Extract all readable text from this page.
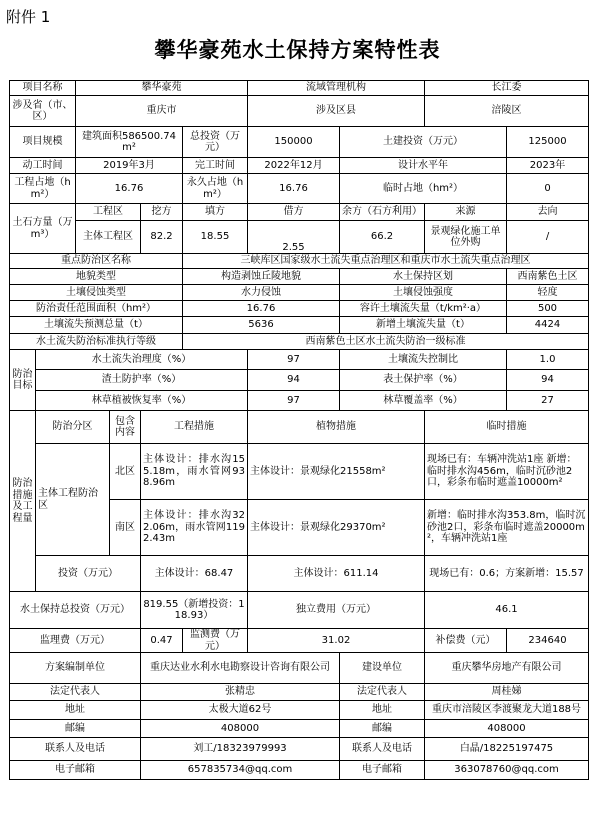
附件 1
攀华豪苑水土保持方案特性表
项目名称		攀华豪苑				流域管理机构		长江委	
涉及省（市、区）		重庆市				涉及区县		涪陵区	
项目规模		建筑面积586500.74m²			总投资（万元）	150000	土建投资（万元）		125000
动工时间		2019年3月			完工时间	2022年12月	设计水平年		2023年
工程占地（hm²）		16.76			永久占地（hm²）	16.76	临时占地（hm²）		0
土石方量（万m³）		工程区		挖方	填方	借方	余方（石方利用）	来源	去向
		主体工程区		82.2	18.55	2.55	66.2	景观绿化施工单位外购	/
重点防治区名称					三峡库区国家级水土流失重点治理区和重庆市水土流失重点治理区				
地貌类型					构造剥蚀丘陵地貌		水土保持区划		西南紫色土区
土壤侵蚀类型					水力侵蚀		土壤侵蚀强度		轻度
防治责任范围面积（hm²）					16.76		容许土壤流失量（t/km²·a）		500
土壤流失预测总量（t）					5636		新增土壤流失量（t）		4424
水土流失防治标准执行等级					西南紫色土区水土流失防治一级标准				
防治目标	水土流失治理度（%）					97	土壤流失控制比		1.0
	渣土防护率（%）					94	表土保护率（%）		94
	林草植被恢复率（%）					97	林草覆盖率（%）		27
防治措施及工程量	防治分区		包含内容	工程措施		植物措施		临时措施	
	主体工程防治区		北区	主体设计：排水沟155.18m，雨水管网938.96m		主体设计：景观绿化21558m²		现场已有：车辆冲洗站1座 新增：临时排水沟456m，临时沉砂池2口，彩条布临时遮盖10000m²	
			南区	主体设计：排水沟322.06m，雨水管网1192.43m		主体设计：景观绿化29370m²		新增：临时排水沟353.8m，临时沉砂池2口，彩条布临时遮盖20000m²，车辆冲洗站1座	
	投资（万元）			主体设计：68.47		主体设计：611.14		现场已有：0.6；方案新增：15.57	
水土保持总投资（万元）				819.55（新增投资：118.93）		独立费用（万元）		46.1	
监理费（万元）				0.47	监测费（万元）	31.02		补偿费（元）	234640
方案编制单位				重庆达业水利水电勘察设计咨询有限公司			建设单位	重庆攀华房地产有限公司	
法定代表人				张精忠			法定代表人	周桂娣	
地址				太极大道62号			地址	重庆市涪陵区李渡聚龙大道188号	
邮编				408000			邮编	408000	
联系人及电话				刘工/18323979993			联系人及电话	白晶/18225197475	
电子邮箱				657835734@qq.com			电子邮箱	363078760@qq.com	
